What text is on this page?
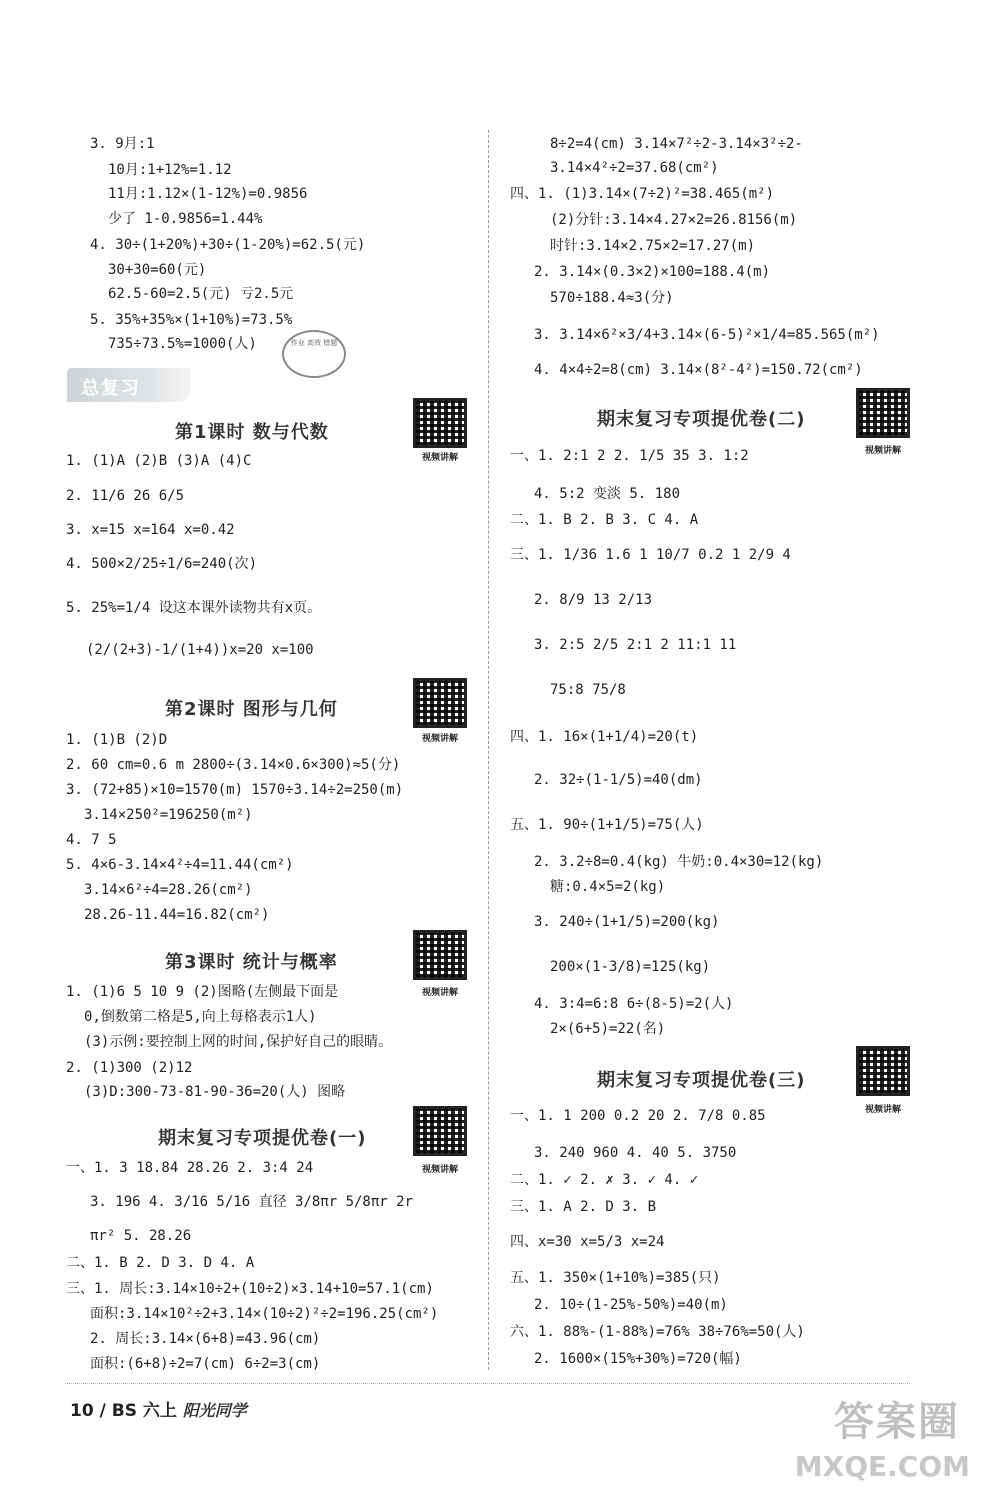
3. 9月:1
10月:1+12%=1.12
11月:1.12×(1-12%)=0.9856
少了 1-0.9856=1.44%
4. 30÷(1+20%)+30÷(1-20%)=62.5(元)
30+30=60(元)
62.5-60=2.5(元) 亏2.5元
5. 35%+35%×(1+10%)=73.5%
735÷73.5%=1000(人)	作业 高效 错题
总复习
第1课时 数与代数
视频讲解
1. (1)A (2)B (3)A (4)C
2. 11/6 26 6/5
3. x=15 x=164 x=0.42
4. 500×2/25÷1/6=240(次)
5. 25%=1/4 设这本课外读物共有x页。
(2/(2+3)-1/(1+4))x=20 x=100
第2课时 图形与几何
视频讲解
1. (1)B (2)D
2. 60 cm=0.6 m 2800÷(3.14×0.6×300)≈5(分)
3. (72+85)×10=1570(m) 1570÷3.14÷2=250(m)
3.14×250²=196250(m²)
4. 7 5
5. 4×6-3.14×4²÷4=11.44(cm²)
3.14×6²÷4=28.26(cm²)
28.26-11.44=16.82(cm²)
第3课时 统计与概率
视频讲解
1. (1)6 5 10 9 (2)图略(左侧最下面是
0,倒数第二格是5,向上每格表示1人)
(3)示例:要控制上网的时间,保护好自己的眼睛。
2. (1)300 (2)12
(3)D:300-73-81-90-36=20(人) 图略
期末复习专项提优卷(一)
视频讲解
一、1. 3 18.84 28.26 2. 3:4 24
3. 196 4. 3/16 5/16 直径 3/8πr 5/8πr 2r
πr² 5. 28.26
二、1. B 2. D 3. D 4. A
三、1. 周长:3.14×10÷2+(10÷2)×3.14+10=57.1(cm)
面积:3.14×10²÷2+3.14×(10÷2)²÷2=196.25(cm²)
2. 周长:3.14×(6+8)=43.96(cm)
面积:(6+8)÷2=7(cm) 6÷2=3(cm)
8÷2=4(cm) 3.14×7²÷2-3.14×3²÷2-
3.14×4²÷2=37.68(cm²)
四、1. (1)3.14×(7÷2)²=38.465(m²)
(2)分针:3.14×4.27×2=26.8156(m)
时针:3.14×2.75×2=17.27(m)
2. 3.14×(0.3×2)×100=188.4(m)
570÷188.4≈3(分)
3. 3.14×6²×3/4+3.14×(6-5)²×1/4=85.565(m²)
4. 4×4÷2=8(cm) 3.14×(8²-4²)=150.72(cm²)
期末复习专项提优卷(二)
视频讲解
一、1. 2:1 2 2. 1/5 35 3. 1:2
4. 5:2 变淡 5. 180
二、1. B 2. B 3. C 4. A
三、1. 1/36 1.6 1 10/7 0.2 1 2/9 4
2. 8/9 13 2/13
3. 2:5 2/5 2:1 2 11:1 11
75:8 75/8
四、1. 16×(1+1/4)=20(t)
2. 32÷(1-1/5)=40(dm)
五、1. 90÷(1+1/5)=75(人)
2. 3.2÷8=0.4(kg) 牛奶:0.4×30=12(kg)
糖:0.4×5=2(kg)
3. 240÷(1+1/5)=200(kg)
200×(1-3/8)=125(kg)
4. 3:4=6:8 6÷(8-5)=2(人)
2×(6+5)=22(名)
期末复习专项提优卷(三)
视频讲解
一、1. 1 200 0.2 20 2. 7/8 0.85
3. 240 960 4. 40 5. 3750
二、1. ✓ 2. ✗ 3. ✓ 4. ✓
三、1. A 2. D 3. B
四、x=30 x=5/3 x=24
五、1. 350×(1+10%)=385(只)
2. 10÷(1-25%-50%)=40(m)
六、1. 88%-(1-88%)=76% 38÷76%=50(人)
2. 1600×(15%+30%)=720(幅)
10 / BS 六上 阳光同学	答案圈
MXQE.COM
